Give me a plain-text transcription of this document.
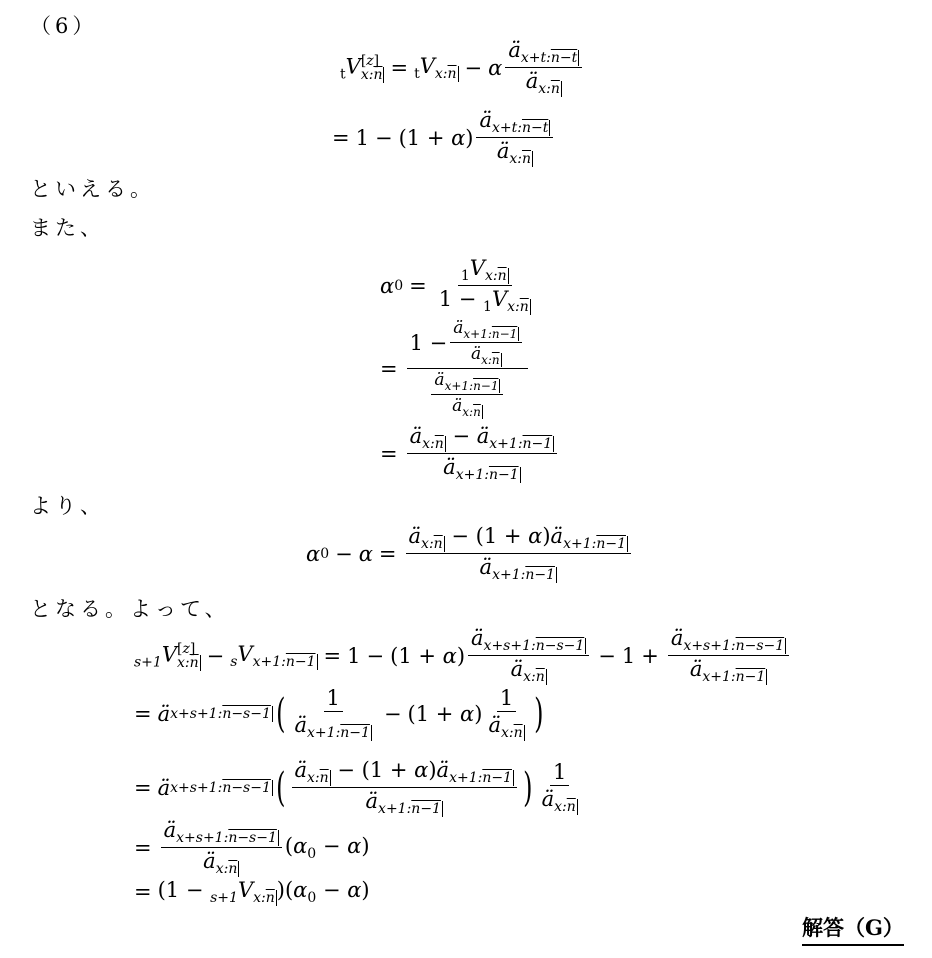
（6）
$_t$V [z]
$x:\overline{n} = _tV_{x:\overline{n}} - \alpha \frac{ä_{x+t:n-t}}{ä_{x:\overline{n}}}$
= $1 - (1 + \alpha) \frac{ä_{x+t:n-t}}{ä_{x:\overline{n}}}$
といえる。
また、
α $0 = \frac{_1V_{x:\overline{n}}}{1 - _1V_{x:\overline{n}}}$
= $\frac{1 - \frac{ä_{x+1:n-1}}{ä_{x:\overline{n}}}}{\frac{ä_{x+1:n-1}}{ä_{x:\overline{n}}}}$
= $\frac{ä_{x:\overline{n}} - ä_{x+1:n-1}}{ä_{x+1:n-1}}$
より、
α $0 - \alpha = \frac{ä_{x:\overline{n}} - (1 + \alpha)ä_{x+1:n-1}}{ä_{x+1:n-1}}$
となる。よって、
$_{s+1}$V [z]
$x:\overline{n} - _sV_{x+1:n-1} = 1 - (1 + \alpha) \frac{ä_{x+s+1:n-s-1}}{ä_{x:\overline{n}}} - 1 + \frac{ä_{x+s+1:n-s-1}}{ä_{x+1:n-1}}$
= ä x+s+1:n−s−1 ( $\frac{1}{ä_{x+1:n-1}} - (1 + \alpha) \frac{1}{ä_{x:\overline{n}}}$ )
= ä x+s+1:n−s−1 ( $\frac{ä_{x:\overline{n}} - (1 + \alpha)ä_{x+1:n-1}}{ä_{x+1:n-1}}$ ) $\frac{1}{ä_{x:\overline{n}}}$
= $\frac{ä_{x+s+1:n-s-1}}{ä_{x:\overline{n}}} (\alpha_0 - \alpha)$
= $(1 - _{s+1}V_{x:\overline{n}})(\alpha_0 - \alpha)$
解答（G）
